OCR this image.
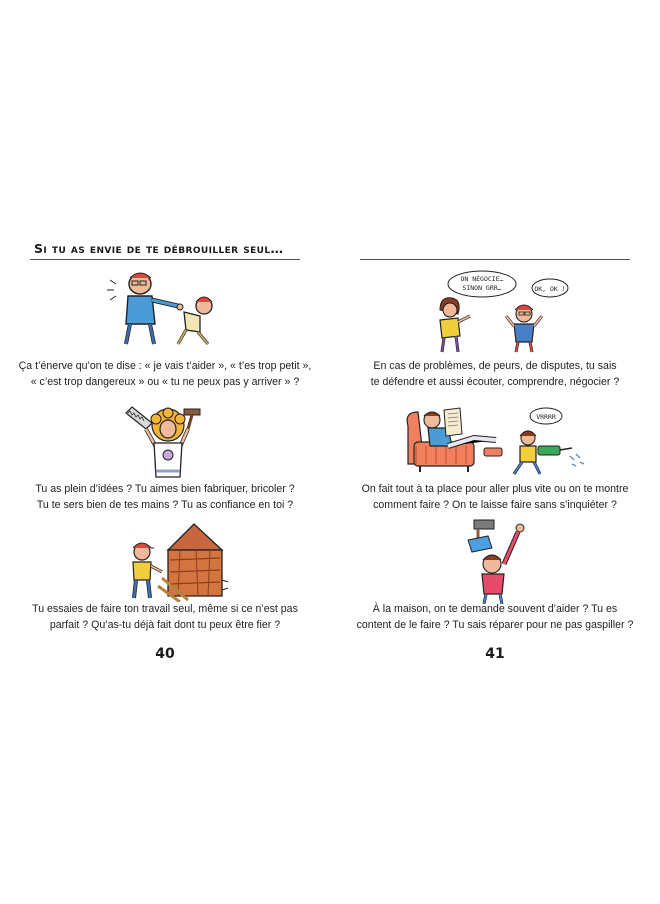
Si tu as envie de te débrouiller seul…
Ça t’énerve qu’on te dise : « je vais t’aider », « t’es trop petit »,
« c’est trop dangereux » ou « tu ne peux pas y arriver » ?
Tu as plein d’idées ? Tu aimes bien fabriquer, bricoler ?
Tu te sers bien de tes mains ? Tu as confiance en toi ?
Tu essaies de faire ton travail seul, même si ce n’est pas
parfait ? Qu’as-tu déjà fait dont tu peux être fier ?
40
ON NÉGOCIE…
SINON GRR…	OK, OK !
En cas de problèmes, de peurs, de disputes, tu sais
te défendre et aussi écouter, comprendre, négocier ?
VRRRR
On fait tout à ta place pour aller plus vite ou on te montre
comment faire ? On te laisse faire sans s’inquiéter ?
À la maison, on te demande souvent d’aider ? Tu es
content de le faire ? Tu sais réparer pour ne pas gaspiller ?
41
